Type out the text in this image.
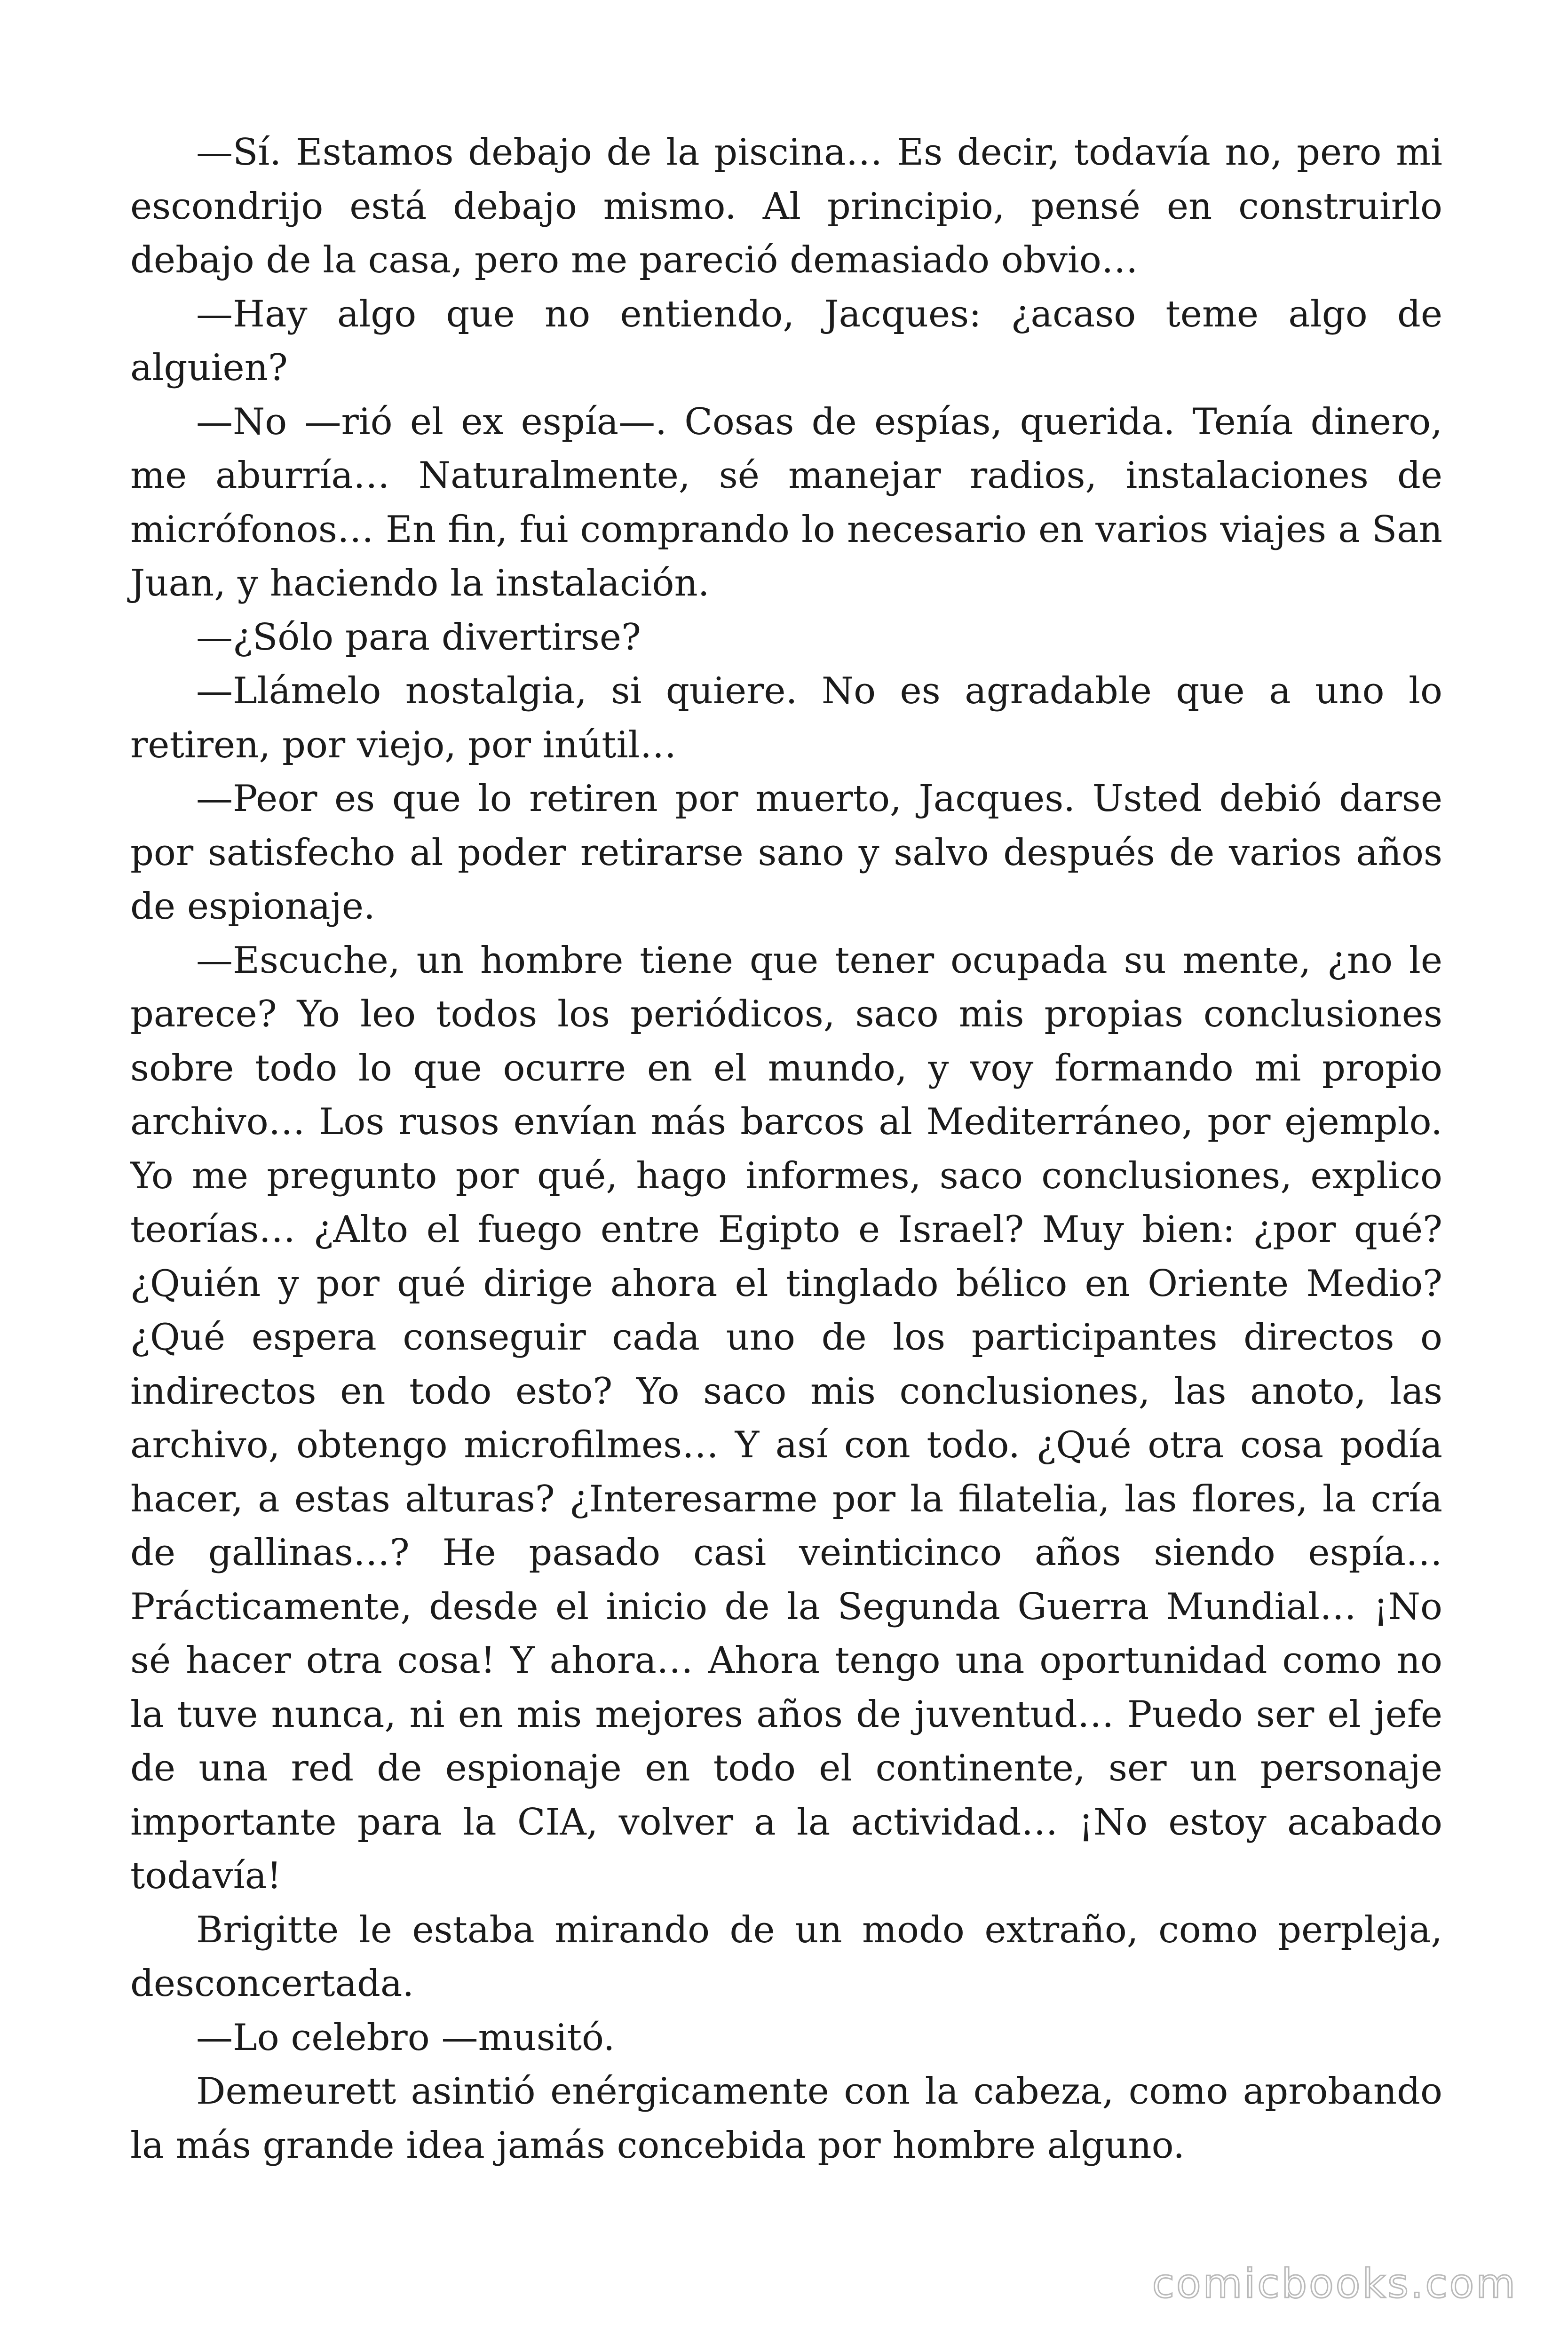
—Sí. Estamos debajo de la piscina… Es decir, todavía no, pero mi escondrijo está debajo mismo. Al principio, pensé en construirlo debajo de la casa, pero me pareció demasiado obvio…

—Hay algo que no entiendo, Jacques: ¿acaso teme algo de alguien?

—No —rió el ex espía—. Cosas de espías, querida. Tenía dinero, me aburría… Naturalmente, sé manejar radios, instalaciones de micrófonos… En fin, fui comprando lo necesario en varios viajes a San Juan, y haciendo la instalación.

—¿Sólo para divertirse?

—Llámelo nostalgia, si quiere. No es agradable que a uno lo retiren, por viejo, por inútil…

—Peor es que lo retiren por muerto, Jacques. Usted debió darse por satisfecho al poder retirarse sano y salvo después de varios años de espionaje.

—Escuche, un hombre tiene que tener ocupada su mente, ¿no le parece? Yo leo todos los periódicos, saco mis propias conclusiones sobre todo lo que ocurre en el mundo, y voy formando mi propio archivo… Los rusos envían más barcos al Mediterráneo, por ejemplo. Yo me pregunto por qué, hago informes, saco conclusiones, explico teorías… ¿Alto el fuego entre Egipto e Israel? Muy bien: ¿por qué? ¿Quién y por qué dirige ahora el tinglado bélico en Oriente Medio? ¿Qué espera conseguir cada uno de los participantes directos o indirectos en todo esto? Yo saco mis conclusiones, las anoto, las archivo, obtengo microfilmes… Y así con todo. ¿Qué otra cosa podía hacer, a estas alturas? ¿Interesarme por la filatelia, las flores, la cría de gallinas…? He pasado casi veinticinco años siendo espía… Prácticamente, desde el inicio de la Segunda Guerra Mundial… ¡No sé hacer otra cosa! Y ahora… Ahora tengo una oportunidad como no la tuve nunca, ni en mis mejores años de juventud… Puedo ser el jefe de una red de espionaje en todo el continente, ser un personaje importante para la CIA, volver a la actividad… ¡No estoy acabado todavía!

Brigitte le estaba mirando de un modo extraño, como perpleja, desconcertada.

—Lo celebro —musitó.

Demeurett asintió enérgicamente con la cabeza, como aprobando la más grande idea jamás concebida por hombre alguno.

comicbooks.com
